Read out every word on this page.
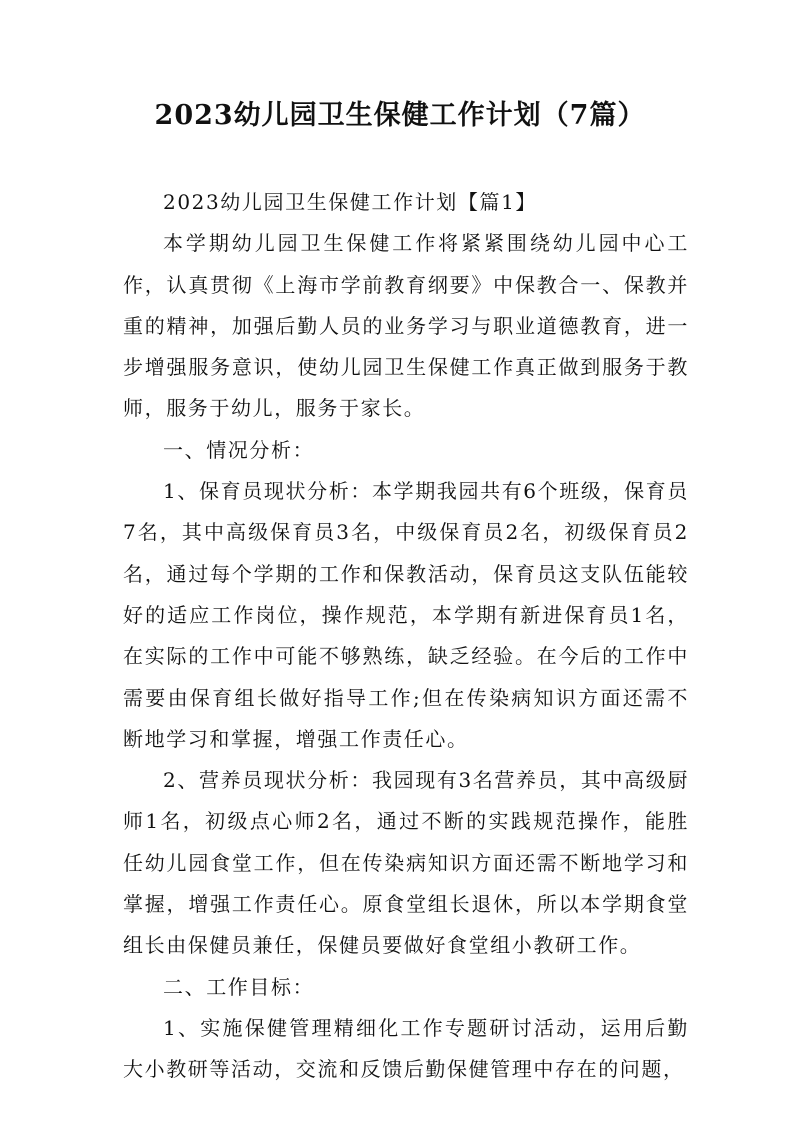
2023幼儿园卫生保健工作计划（7篇）

2023幼儿园卫生保健工作计划【篇1】

本学期幼儿园卫生保健工作将紧紧围绕幼儿园中心工作，认真贯彻《上海市学前教育纲要》中保教合一、保教并重的精神，加强后勤人员的业务学习与职业道德教育，进一步增强服务意识，使幼儿园卫生保健工作真正做到服务于教师，服务于幼儿，服务于家长。

一、情况分析：

1、保育员现状分析：本学期我园共有6个班级，保育员7名，其中高级保育员3名，中级保育员2名，初级保育员2名，通过每个学期的工作和保教活动，保育员这支队伍能较好的适应工作岗位，操作规范，本学期有新进保育员1名，在实际的工作中可能不够熟练，缺乏经验。在今后的工作中需要由保育组长做好指导工作;但在传染病知识方面还需不断地学习和掌握，增强工作责任心。

2、营养员现状分析：我园现有3名营养员，其中高级厨师1名，初级点心师2名，通过不断的实践规范操作，能胜任幼儿园食堂工作，但在传染病知识方面还需不断地学习和掌握，增强工作责任心。原食堂组长退休，所以本学期食堂组长由保健员兼任，保健员要做好食堂组小教研工作。

二、工作目标：

1、实施保健管理精细化工作专题研讨活动，运用后勤大小教研等活动，交流和反馈后勤保健管理中存在的问题，
